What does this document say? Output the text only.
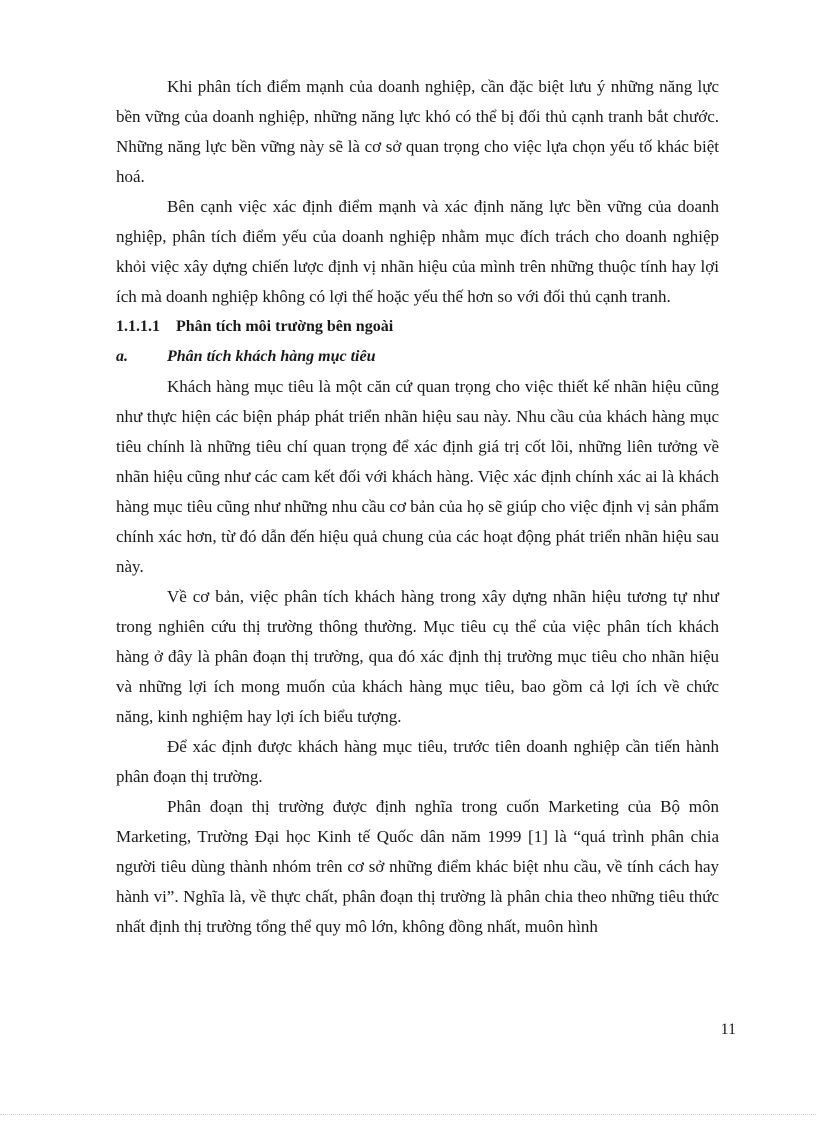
Khi phân tích điểm mạnh của doanh nghiệp, cần đặc biệt lưu ý những năng lực bền vững của doanh nghiệp, những năng lực khó có thể bị đối thủ cạnh tranh bắt chước. Những năng lực bền vững này sẽ là cơ sở quan trọng cho việc lựa chọn yếu tố khác biệt hoá.

Bên cạnh việc xác định điểm mạnh và xác định năng lực bền vững của doanh nghiệp, phân tích điểm yếu của doanh nghiệp nhằm mục đích trách cho doanh nghiệp khỏi việc xây dựng chiến lược định vị nhãn hiệu của mình trên những thuộc tính hay lợi ích mà doanh nghiệp không có lợi thế hoặc yếu thế hơn so với đối thủ cạnh tranh.

1.1.1.1 Phân tích môi trường bên ngoài

a. Phân tích khách hàng mục tiêu

Khách hàng mục tiêu là một căn cứ quan trọng cho việc thiết kế nhãn hiệu cũng như thực hiện các biện pháp phát triển nhãn hiệu sau này. Nhu cầu của khách hàng mục tiêu chính là những tiêu chí quan trọng để xác định giá trị cốt lõi, những liên tưởng về nhãn hiệu cũng như các cam kết đối với khách hàng. Việc xác định chính xác ai là khách hàng mục tiêu cũng như những nhu cầu cơ bản của họ sẽ giúp cho việc định vị sản phẩm chính xác hơn, từ đó dẫn đến hiệu quả chung của các hoạt động phát triển nhãn hiệu sau này.

Về cơ bản, việc phân tích khách hàng trong xây dựng nhãn hiệu tương tự như trong nghiên cứu thị trường thông thường. Mục tiêu cụ thể của việc phân tích khách hàng ở đây là phân đoạn thị trường, qua đó xác định thị trường mục tiêu cho nhãn hiệu và những lợi ích mong muốn của khách hàng mục tiêu, bao gồm cả lợi ích về chức năng, kinh nghiệm hay lợi ích biểu tượng.

Để xác định được khách hàng mục tiêu, trước tiên doanh nghiệp cần tiến hành phân đoạn thị trường.

Phân đoạn thị trường được định nghĩa trong cuốn Marketing của Bộ môn Marketing, Trường Đại học Kinh tế Quốc dân năm 1999 [1] là “quá trình phân chia người tiêu dùng thành nhóm trên cơ sở những điểm khác biệt nhu cầu, về tính cách hay hành vi”. Nghĩa là, về thực chất, phân đoạn thị trường là phân chia theo những tiêu thức nhất định thị trường tổng thể quy mô lớn, không đồng nhất, muôn hình

11
